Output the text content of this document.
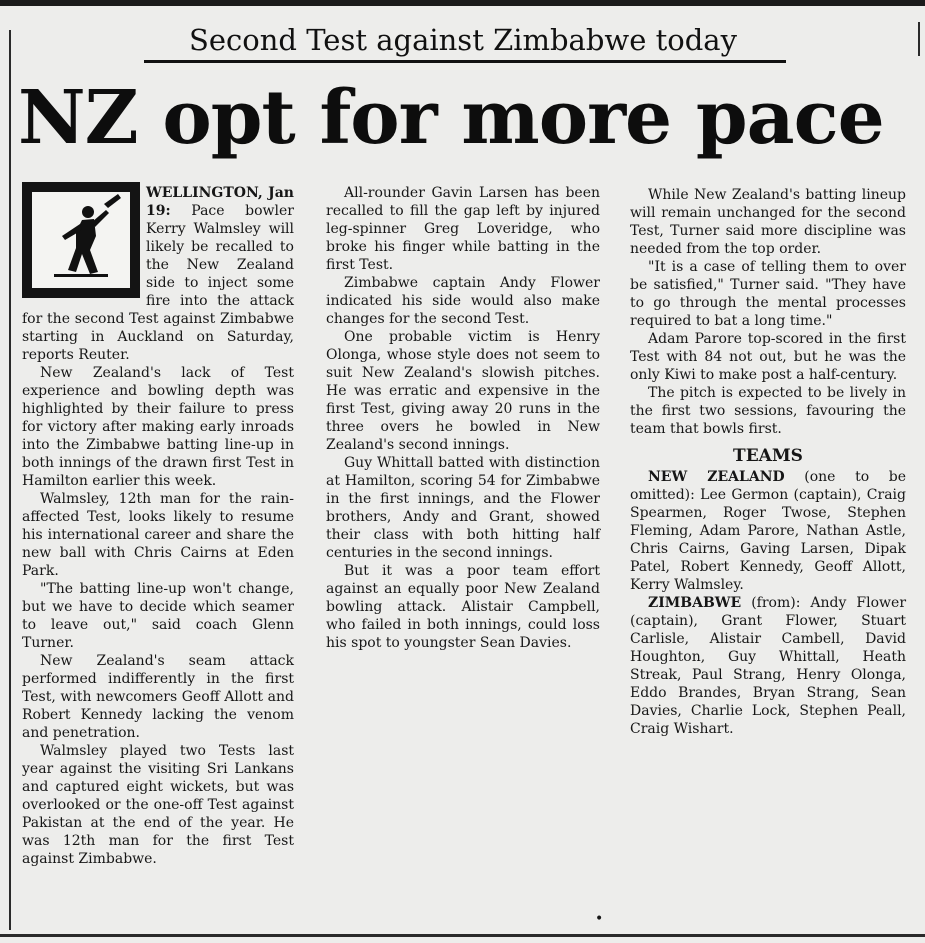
Second Test against Zimbabwe today
NZ opt for more pace

WELLINGTON, Jan 19: Pace bowler Kerry Walmsley will likely be recalled to the New Zealand side to inject some fire into the attack for the second Test against Zimbabwe starting in Auckland on Saturday, reports Reuter.

New Zealand's lack of Test experience and bowling depth was highlighted by their failure to press for victory after making early inroads into the Zimbabwe batting line-up in both innings of the drawn first Test in Hamilton earlier this week.

Walmsley, 12th man for the rain-affected Test, looks likely to resume his international career and share the new ball with Chris Cairns at Eden Park.

"The batting line-up won't change, but we have to decide which seamer to leave out," said coach Glenn Turner.

New Zealand's seam attack performed indifferently in the first Test, with newcomers Geoff Allott and Robert Kennedy lacking the venom and penetration.

Walmsley played two Tests last year against the visiting Sri Lankans and captured eight wickets, but was overlooked or the one-off Test against Pakistan at the end of the year. He was 12th man for the first Test against Zimbabwe.

All-rounder Gavin Larsen has been recalled to fill the gap left by injured leg-spinner Greg Loveridge, who broke his finger while batting in the first Test.

Zimbabwe captain Andy Flower indicated his side would also make changes for the second Test.

One probable victim is Henry Olonga, whose style does not seem to suit New Zealand's slowish pitches. He was erratic and expensive in the first Test, giving away 20 runs in the three overs he bowled in New Zealand's second innings.

Guy Whittall batted with distinction at Hamilton, scoring 54 for Zimbabwe in the first innings, and the Flower brothers, Andy and Grant, showed their class with both hitting half centuries in the second innings.

But it was a poor team effort against an equally poor New Zealand bowling attack. Alistair Campbell, who failed in both innings, could loss his spot to youngster Sean Davies.

While New Zealand's batting lineup will remain unchanged for the second Test, Turner said more discipline was needed from the top order.

"It is a case of telling them to over be satisfied," Turner said. "They have to go through the mental processes required to bat a long time."

Adam Parore top-scored in the first Test with 84 not out, but he was the only Kiwi to make post a half-century.

The pitch is expected to be lively in the first two sessions, favouring the team that bowls first.

TEAMS

NEW ZEALAND (one to be omitted): Lee Germon (captain), Craig Spearmen, Roger Twose, Stephen Fleming, Adam Parore, Nathan Astle, Chris Cairns, Gaving Larsen, Dipak Patel, Robert Kennedy, Geoff Allott, Kerry Walmsley.

ZIMBABWE (from): Andy Flower (captain), Grant Flower, Stuart Carlisle, Alistair Cambell, David Houghton, Guy Whittall, Heath Streak, Paul Strang, Henry Olonga, Eddo Brandes, Bryan Strang, Sean Davies, Charlie Lock, Stephen Peall, Craig Wishart.

•
